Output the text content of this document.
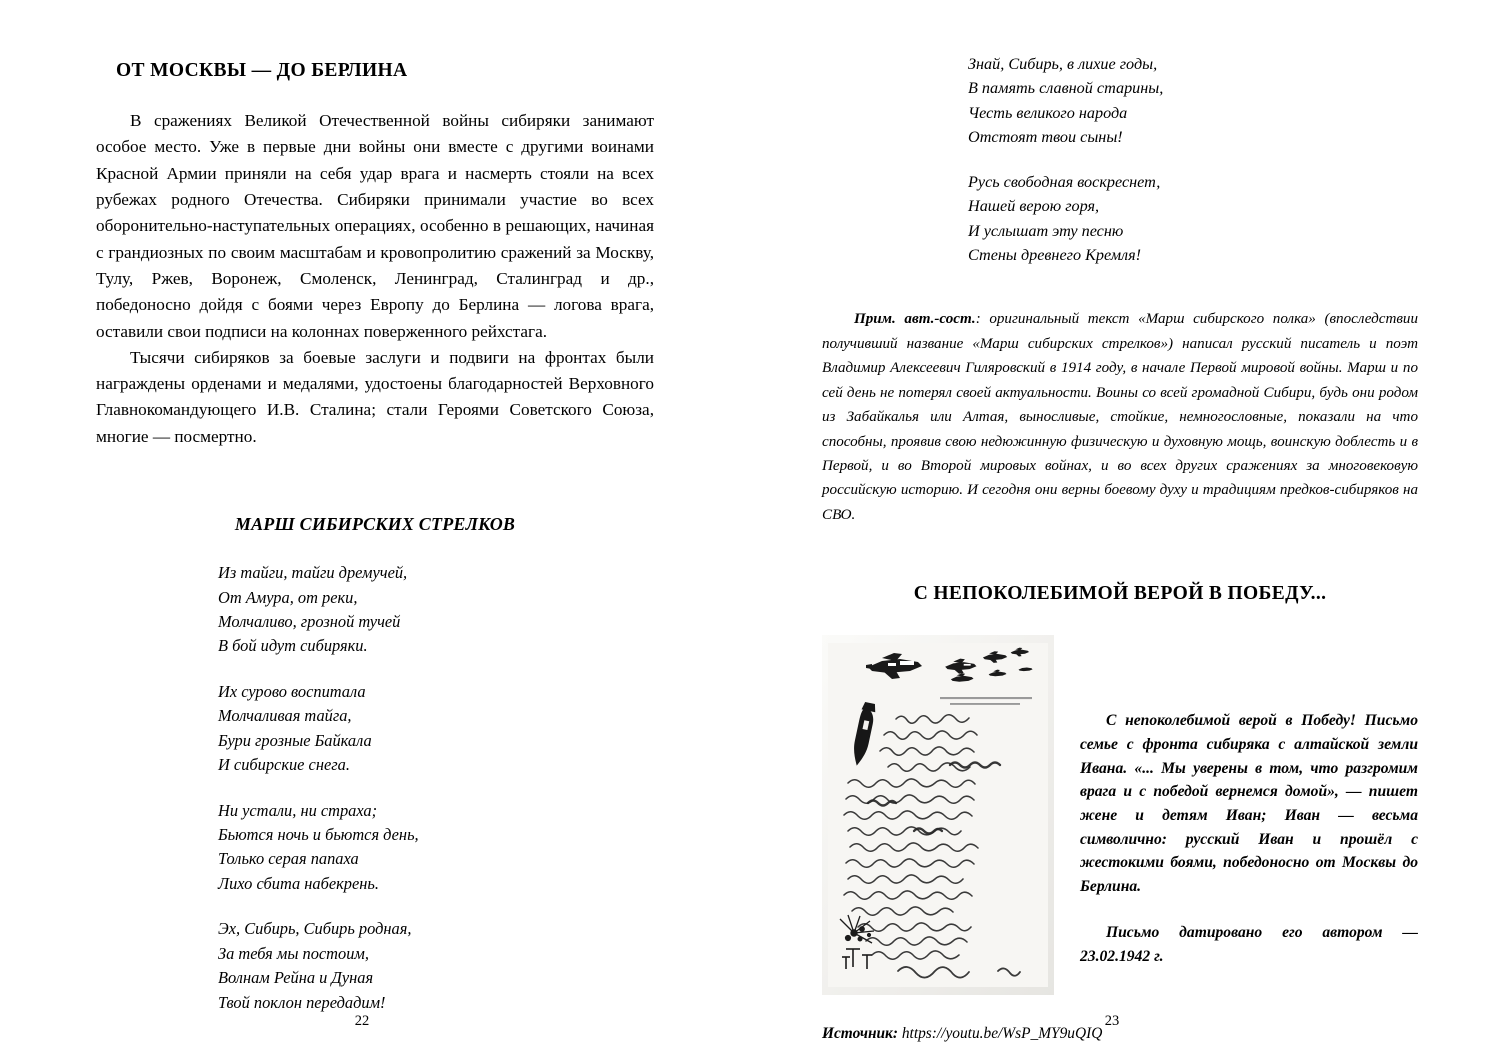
ОТ МОСКВЫ — ДО БЕРЛИНА

В сражениях Великой Отечественной войны сибиряки занимают особое место. Уже в первые дни войны они вместе с другими воинами Красной Армии приняли на себя удар врага и насмерть стояли на всех рубежах родного Отечества. Сибиряки принимали участие во всех оборонительно-наступательных операциях, особенно в решающих, начиная с грандиозных по своим масштабам и кровопролитию сражений за Москву, Тулу, Ржев, Воронеж, Смоленск, Ленинград, Сталинград и др., победоносно дойдя с боями через Европу до Берлина — логова врага, оставили свои подписи на колоннах поверженного рейхстага.

Тысячи сибиряков за боевые заслуги и подвиги на фронтах были награждены орденами и медалями, удостоены благодарностей Верховного Главнокомандующего И.В. Сталина; стали Героями Советского Союза, многие — посмертно.

МАРШ СИБИРСКИХ СТРЕЛКОВ
Из тайги, тайги дремучей,
От Амура, от реки,
Молчаливо, грозной тучей
В бой идут сибиряки.
Их сурово воспитала
Молчаливая тайга,
Бури грозные Байкала
И сибирские снега.
Ни устали, ни страха;
Бьются ночь и бьются день,
Только серая папаха
Лихо сбита набекрень.
Эх, Сибирь, Сибирь родная,
За тебя мы постоим,
Волнам Рейна и Дуная
Твой поклон передадим!
22
Знай, Сибирь, в лихие годы,
В память славной старины,
Честь великого народа
Отстоят твои сыны!
Русь свободная воскреснет,
Нашей верою горя,
И услышат эту песню
Стены древнего Кремля!

Прим. авт.-сост.: оригинальный текст «Марш сибирского полка» (впоследствии получивший название «Марш сибирских стрелков») написал русский писатель и поэт Владимир Алексеевич Гиляровский в 1914 году, в начале Первой мировой войны. Марш и по сей день не потерял своей актуальности. Воины со всей громадной Сибири, будь они родом из Забайкалья или Алтая, выносливые, стойкие, немногословные, показали на что способны, проявив свою недюжинную физическую и духовную мощь, воинскую доблесть и в Первой, и во Второй мировых войнах, и во всех других сражениях за многовековую российскую историю. И сегодня они верны боевому духу и традициям предков-сибиряков на СВО.

С НЕПОКОЛЕБИМОЙ ВЕРОЙ В ПОБЕДУ...

С непоколебимой верой в Победу! Письмо семье с фронта сибиряка с алтайской земли Ивана. «... Мы уверены в том, что разгромим врага и с победой вернемся домой», — пишет жене и детям Иван; Иван — весьма символично: русский Иван и прошёл с жестокими боями, победоносно от Москвы до Берлина.

Письмо датировано его автором — 23.02.1942 г.

Источник: https://youtu.be/WsP_MY9uQIQ

23
